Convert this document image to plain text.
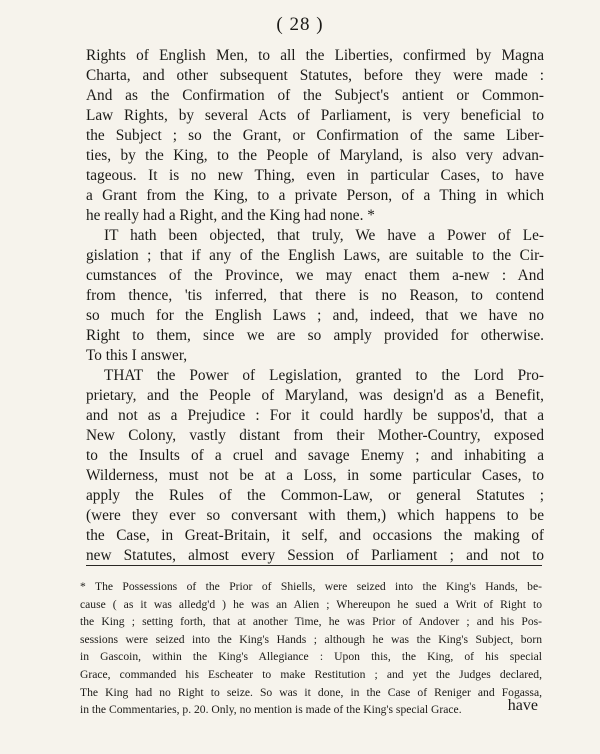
( 28 )
Rights of English Men, to all the Liberties, confirmed by Magna
Charta, and other subsequent Statutes, before they were made :
And as the Confirmation of the Subject's antient or Common-
Law Rights, by several Acts of Parliament, is very beneficial to
the Subject ; so the Grant, or Confirmation of the same Liber-
ties, by the King, to the People of Maryland, is also very advan-
tageous. It is no new Thing, even in particular Cases, to have
a Grant from the King, to a private Person, of a Thing in which
he really had a Right, and the King had none. *
IT hath been objected, that truly, We have a Power of Le-
gislation ; that if any of the English Laws, are suitable to the Cir-
cumstances of the Province, we may enact them a-new : And
from thence, 'tis inferred, that there is no Reason, to contend
so much for the English Laws ; and, indeed, that we have no
Right to them, since we are so amply provided for otherwise.
To this I answer,
THAT the Power of Legislation, granted to the Lord Pro-
prietary, and the People of Maryland, was design'd as a Benefit,
and not as a Prejudice : For it could hardly be suppos'd, that a
New Colony, vastly distant from their Mother-Country, exposed
to the Insults of a cruel and savage Enemy ; and inhabiting a
Wilderness, must not be at a Loss, in some particular Cases, to
apply the Rules of the Common-Law, or general Statutes ;
(were they ever so conversant with them,) which happens to be
the Case, in Great-Britain, it self, and occasions the making of
new Statutes, almost every Session of Parliament ; and not to
* The Possessions of the Prior of Shiells, were seized into the King's Hands, be-
cause ( as it was alledg'd ) he was an Alien ; Whereupon he sued a Writ of Right to
the King ; setting forth, that at another Time, he was Prior of Andover ; and his Pos-
sessions were seized into the King's Hands ; although he was the King's Subject, born
in Gascoin, within the King's Allegiance : Upon this, the King, of his special
Grace, commanded his Escheater to make Restitution ; and yet the Judges declared,
The King had no Right to seize. So was it done, in the Case of Reniger and Fogassa,
in the Commentaries, p. 20. Only, no mention is made of the King's special Grace.	have
